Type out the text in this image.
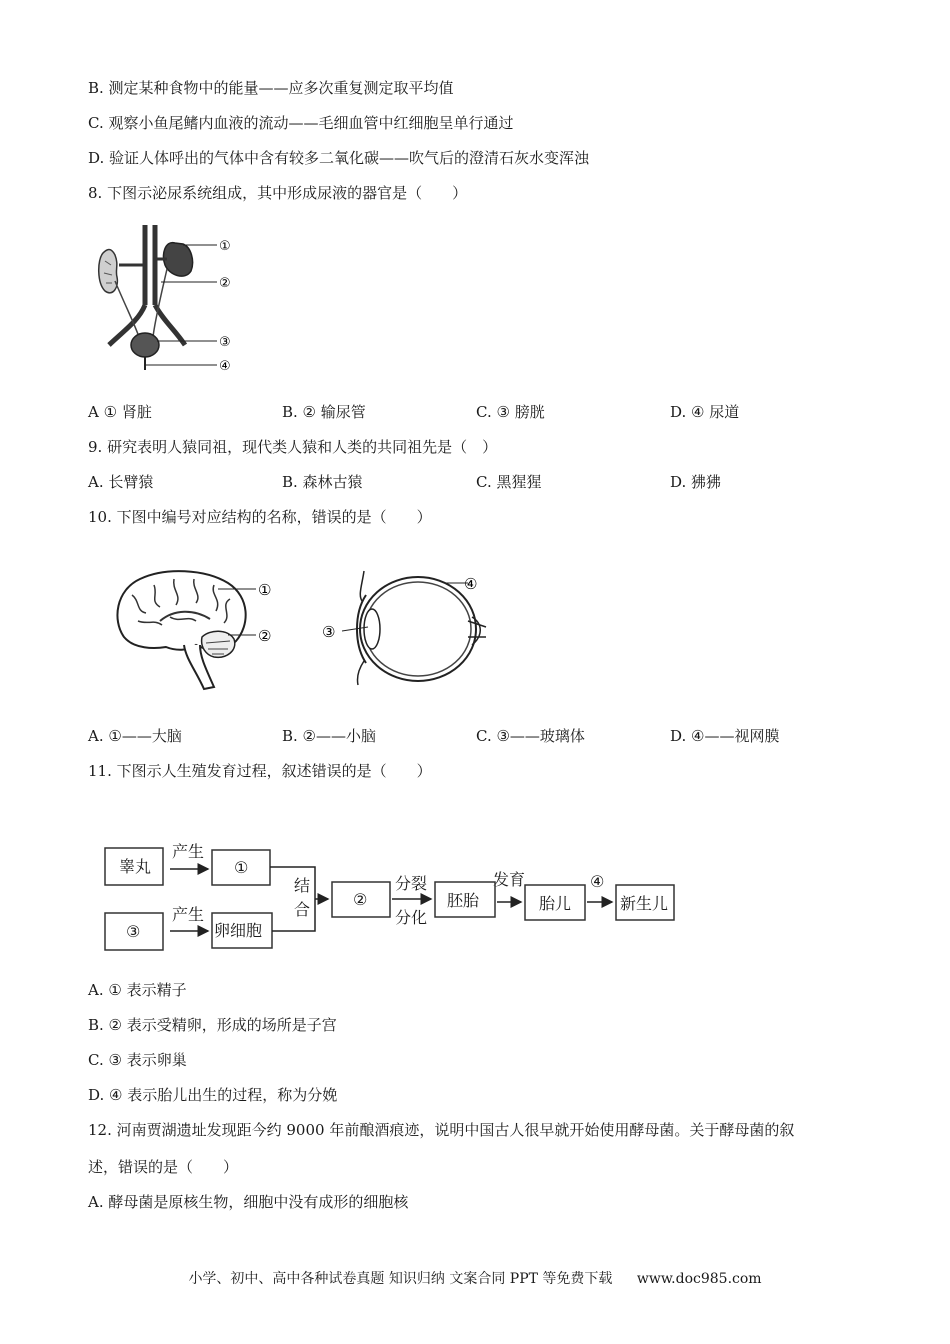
B. 测定某种食物中的能量——应多次重复测定取平均值
C. 观察小鱼尾鳍内血液的流动——毛细血管中红细胞呈单行通过
D. 验证人体呼出的气体中含有较多二氧化碳——吹气后的澄清石灰水变浑浊
8. 下图示泌尿系统组成，其中形成尿液的器官是（　　）
①
②
③
④
A ① 肾脏	B. ② 输尿管	C. ③ 膀胱	D. ④ 尿道
9. 研究表明人猿同祖，现代类人猿和人类的共同祖先是（　）
A. 长臂猿	B. 森林古猿	C. 黑猩猩	D. 狒狒
10. 下图中编号对应结构的名称，错误的是（　　）
①
②	③
④
A. ①——大脑	B. ②——小脑	C. ③——玻璃体	D. ④——视网膜
11. 下图示人生殖发育过程，叙述错误的是（　　）
睾丸
产生
①
③
产生
卵细胞
结
合
②
分裂
分化
胚胎
发育
胎儿
④
新生儿
A. ① 表示精子
B. ② 表示受精卵，形成的场所是子宫
C. ③ 表示卵巢
D. ④ 表示胎儿出生的过程，称为分娩
12. 河南贾湖遗址发现距今约 9000 年前酿酒痕迹，说明中国古人很早就开始使用酵母菌。关于酵母菌的叙
述，错误的是（　　）
A. 酵母菌是原核生物，细胞中没有成形的细胞核
小学、初中、高中各种试卷真题 知识归纳 文案合同 PPT 等免费下载 www.doc985.com
